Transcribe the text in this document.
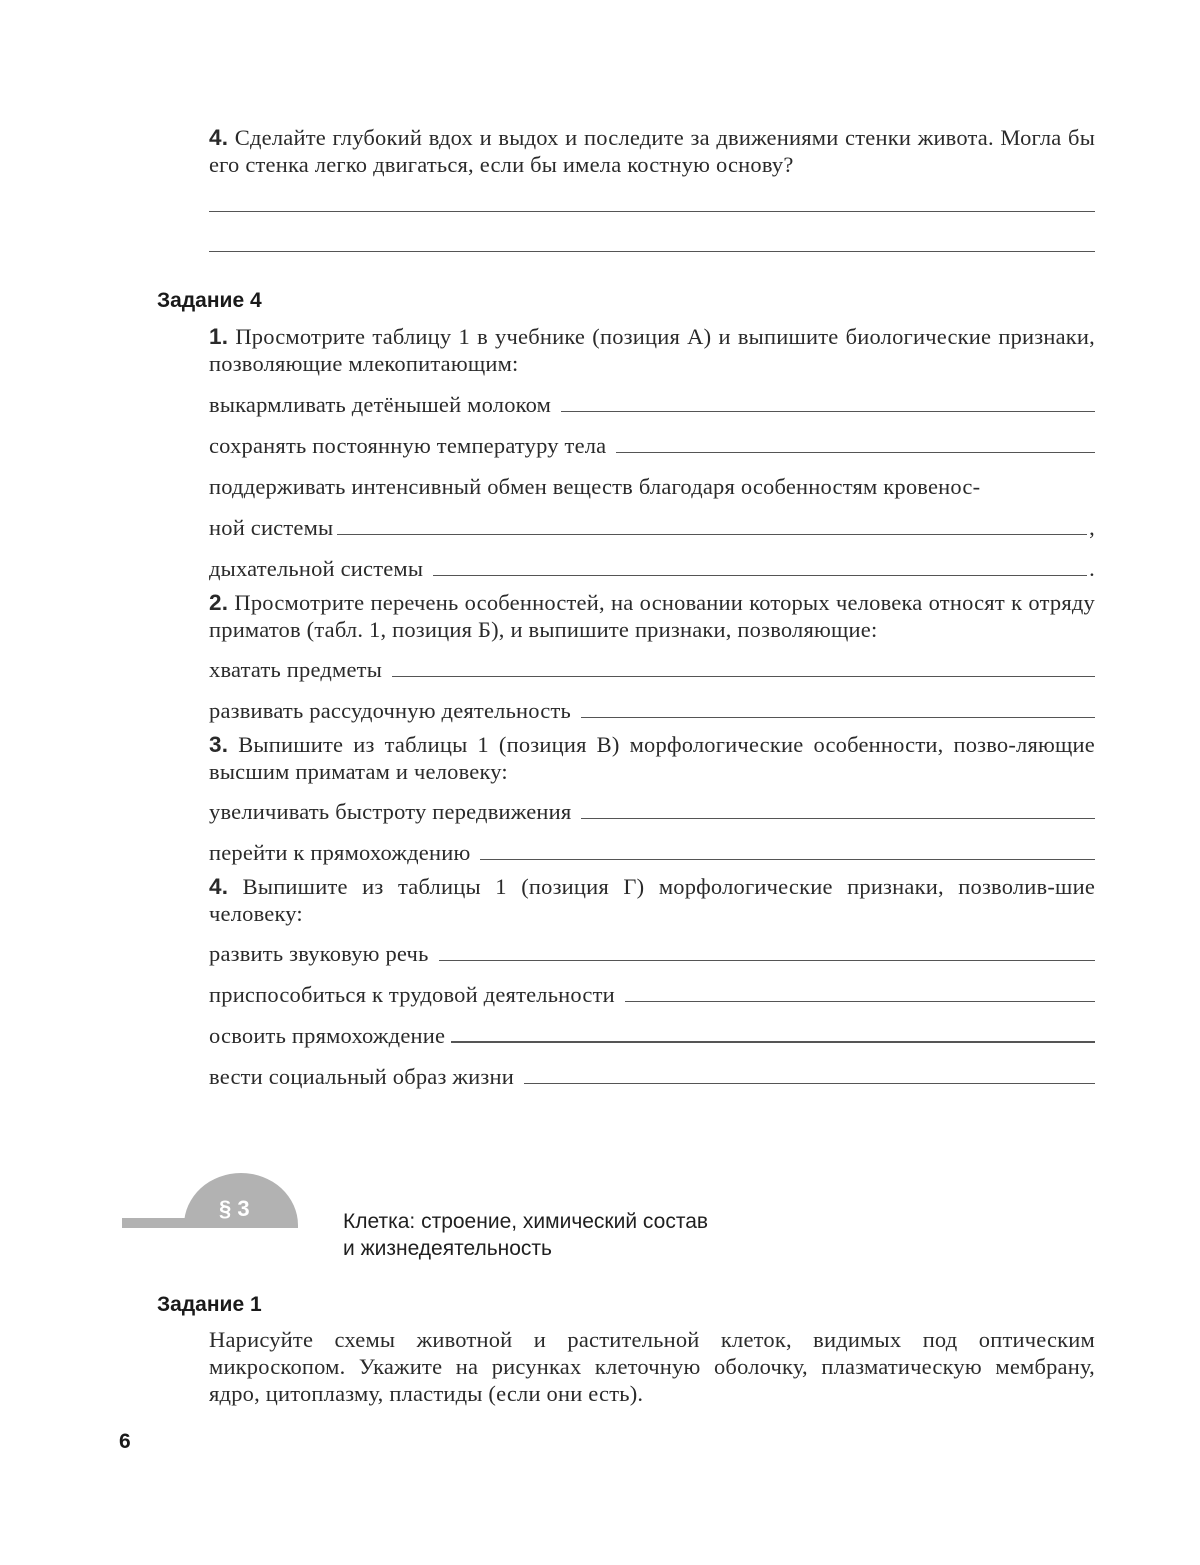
4. Сделайте глубокий вдох и выдох и последите за движениями стенки живота. Могла бы его стенка легко двигаться, если бы имела костную основу?
Задание 4
1. Просмотрите таблицу 1 в учебнике (позиция А) и выпишите биологические признаки, позволяющие млекопитающим:
выкармливать детёнышей молоком
сохранять постоянную температуру тела
поддерживать интенсивный обмен веществ благодаря особенностям кровенос-
ной системы	,
дыхательной системы	.
2. Просмотрите перечень особенностей, на основании которых человека относят к отряду приматов (табл. 1, позиция Б), и выпишите признаки, позволяющие:
хватать предметы
развивать рассудочную деятельность
3. Выпишите из таблицы 1 (позиция В) морфологические особенности, позво-ляющие высшим приматам и человеку:
увеличивать быстроту передвижения
перейти к прямохождению
4. Выпишите из таблицы 1 (позиция Г) морфологические признаки, позволив-шие человеку:
развить звуковую речь
приспособиться к трудовой деятельности
освоить прямохождение
вести социальный образ жизни
§ 3
Клетка: строение, химический состав
и жизнедеятельность
Задание 1
Нарисуйте схемы животной и растительной клеток, видимых под оптическим микроскопом. Укажите на рисунках клеточную оболочку, плазматическую мембрану, ядро, цитоплазму, пластиды (если они есть).
6
